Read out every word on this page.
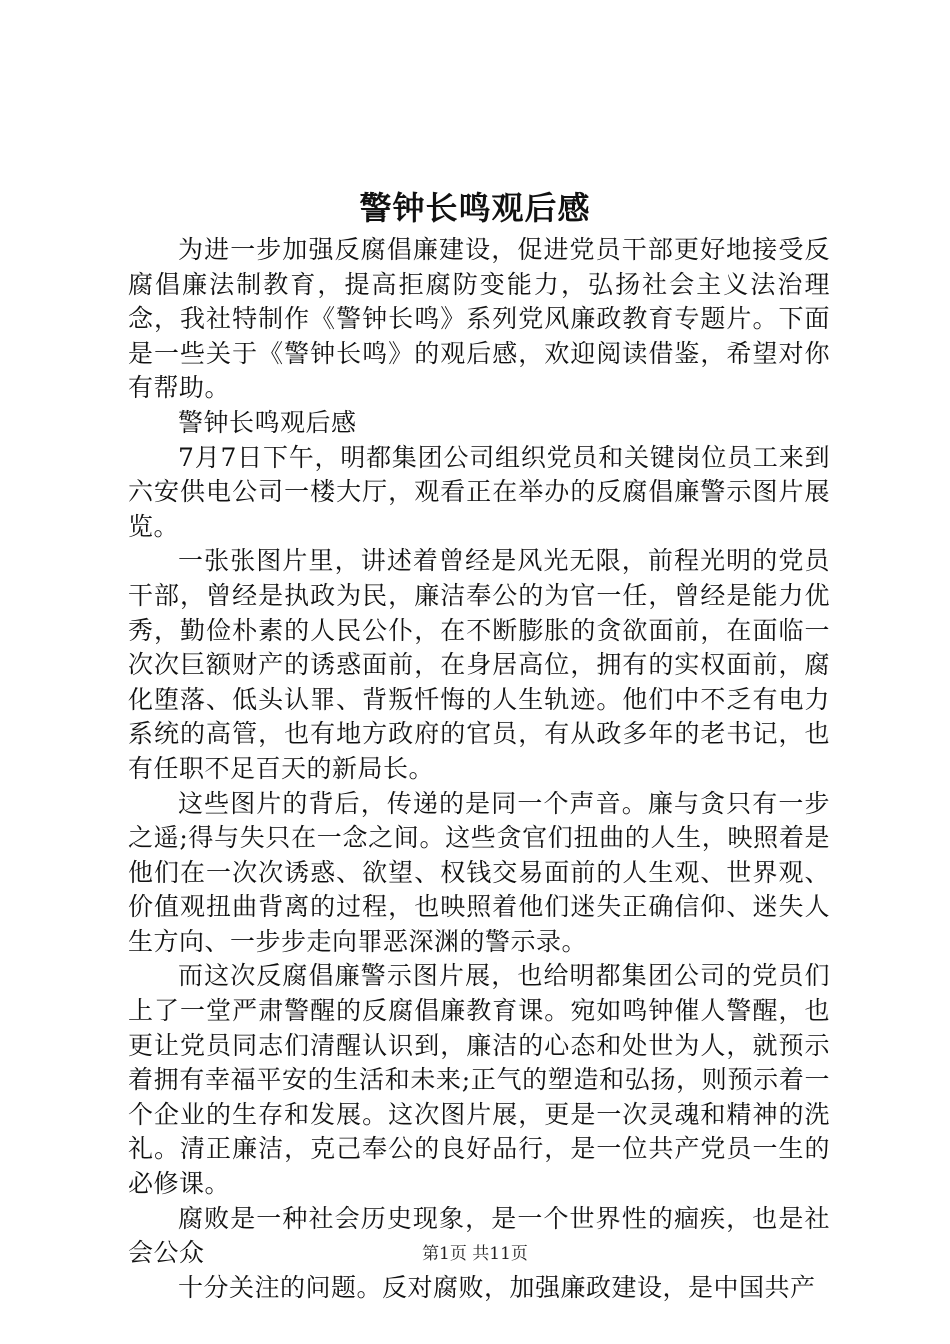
警钟长鸣观后感

为进一步加强反腐倡廉建设，促进党员干部更好地接受反腐倡廉法制教育，提高拒腐防变能力，弘扬社会主义法治理念，我社特制作《警钟长鸣》系列党风廉政教育专题片。下面是一些关于《警钟长鸣》的观后感，欢迎阅读借鉴，希望对你有帮助。

警钟长鸣观后感

7月7日下午，明都集团公司组织党员和关键岗位员工来到六安供电公司一楼大厅，观看正在举办的反腐倡廉警示图片展览。

一张张图片里，讲述着曾经是风光无限，前程光明的党员干部，曾经是执政为民，廉洁奉公的为官一任，曾经是能力优秀，勤俭朴素的人民公仆，在不断膨胀的贪欲面前，在面临一次次巨额财产的诱惑面前，在身居高位，拥有的实权面前，腐化堕落、低头认罪、背叛忏悔的人生轨迹。他们中不乏有电力系统的高管，也有地方政府的官员，有从政多年的老书记，也有任职不足百天的新局长。

这些图片的背后，传递的是同一个声音。廉与贪只有一步之遥;得与失只在一念之间。这些贪官们扭曲的人生，映照着是他们在一次次诱惑、欲望、权钱交易面前的人生观、世界观、价值观扭曲背离的过程，也映照着他们迷失正确信仰、迷失人生方向、一步步走向罪恶深渊的警示录。

而这次反腐倡廉警示图片展，也给明都集团公司的党员们上了一堂严肃警醒的反腐倡廉教育课。宛如鸣钟催人警醒，也更让党员同志们清醒认识到，廉洁的心态和处世为人，就预示着拥有幸福平安的生活和未来;正气的塑造和弘扬，则预示着一个企业的生存和发展。这次图片展，更是一次灵魂和精神的洗礼。清正廉洁，克己奉公的良好品行，是一位共产党员一生的必修课。

腐败是一种社会历史现象，是一个世界性的痼疾，也是社会公众

十分关注的问题。反对腐败，加强廉政建设，是中国共产

第1页 共11页
